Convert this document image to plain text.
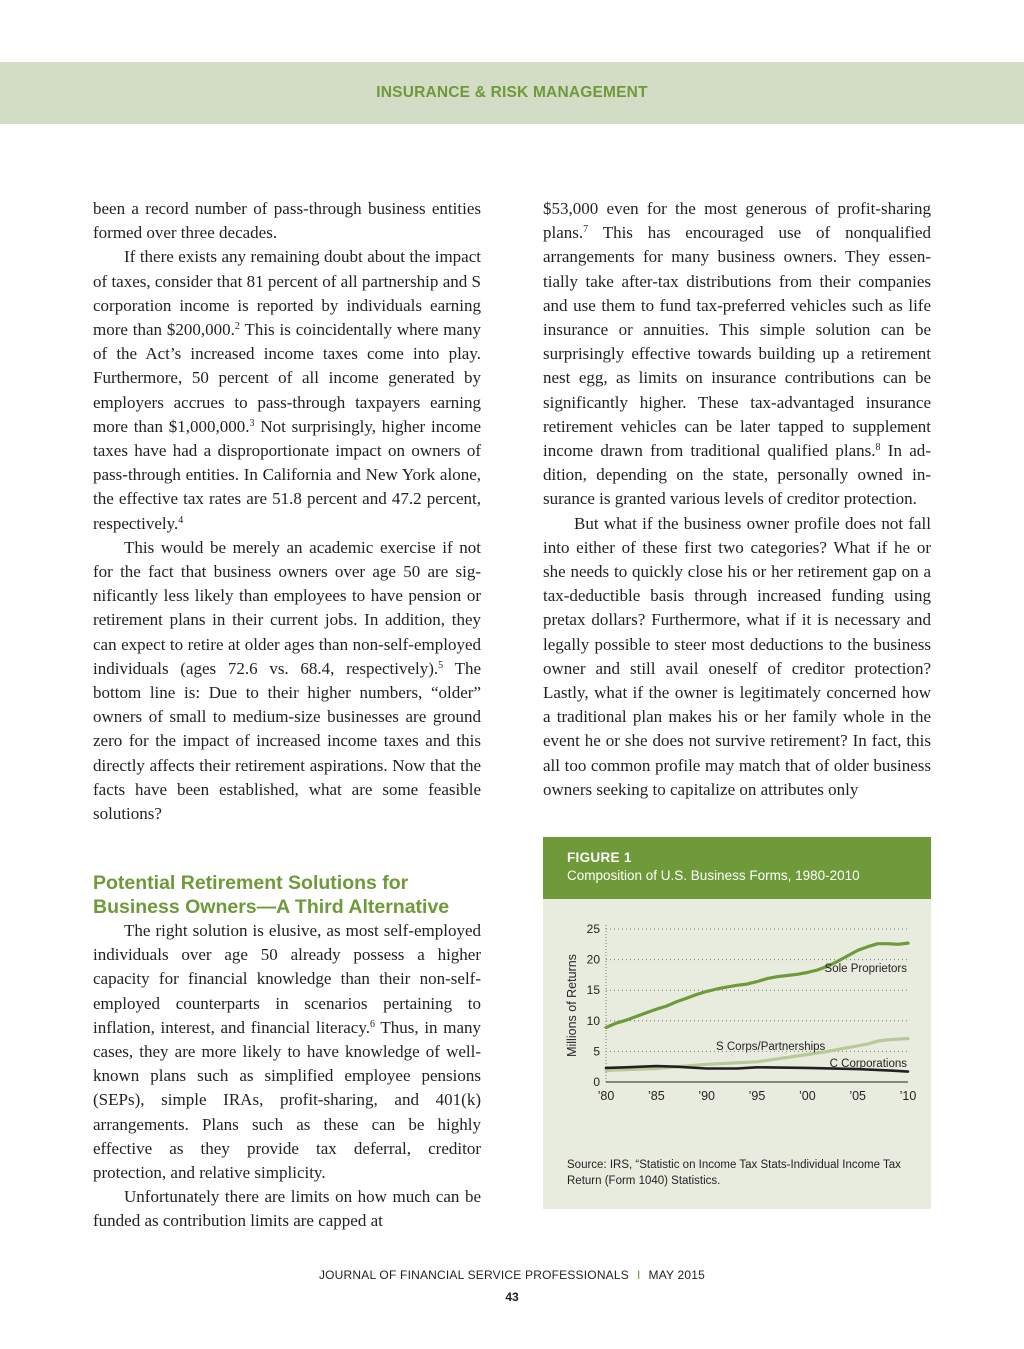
INSURANCE & RISK MANAGEMENT

been a record number of pass-through business entities formed over three decades.

If there exists any remaining doubt about the impact of taxes, consider that 81 percent of all partnership and S corporation income is reported by individuals earning more than $200,000.$^2$ This is coincidentally where many of the Act’s increased income taxes come into play. Furthermore, 50 percent of all income generated by employers accrues to pass-through taxpayers earning more than $1,000,000.$^3$ Not surprisingly, higher income taxes have had a disproportionate impact on owners of pass-through entities. In California and New York alone, the effective tax rates are 51.8 percent and 47.2 percent, respectively.$^4$

This would be merely an academic exercise if not for the fact that business owners over age 50 are significantly less likely than employees to have pension or retirement plans in their current jobs. In addition, they can expect to retire at older ages than non-self-employed individuals (ages 72.6 vs. 68.4, respectively).$^5$ The bottom line is: Due to their higher numbers, “older” owners of small to medium-size businesses are ground zero for the impact of increased income taxes and this directly affects their retirement aspirations. Now that the facts have been established, what are some feasible solutions?

Potential Retirement Solutions for Business Owners—A Third Alternative

The right solution is elusive, as most self-employed individuals over age 50 already possess a higher capacity for financial knowledge than their non-self-employed counterparts in scenarios pertaining to inflation, interest, and financial literacy.$^6$ Thus, in many cases, they are more likely to have knowledge of well-known plans such as simplified employee pensions (SEPs), simple IRAs, profit-sharing, and 401(k) arrangements. Plans such as these can be highly effective as they provide tax deferral, creditor protection, and relative simplicity.

Unfortunately there are limits on how much can be funded as contribution limits are capped at

$53,000 even for the most generous of profit-sharing plans.$^7$ This has encouraged use of nonqualified arrangements for many business owners. They essentially take after-tax distributions from their companies and use them to fund tax-preferred vehicles such as life insurance or annuities. This simple solution can be surprisingly effective towards building up a retirement nest egg, as limits on insurance contributions can be significantly higher. These tax-advantaged insurance retirement vehicles can be later tapped to supplement income drawn from traditional qualified plans.$^8$ In addition, depending on the state, personally owned insurance is granted various levels of creditor protection.

But what if the business owner profile does not fall into either of these first two categories? What if he or she needs to quickly close his or her retirement gap on a tax-deductible basis through increased funding using pretax dollars? Furthermore, what if it is necessary and legally possible to steer most deductions to the business owner and still avail oneself of creditor protection? Lastly, what if the owner is legitimately concerned how a traditional plan makes his or her family whole in the event he or she does not survive retirement? In fact, this all too common profile may match that of older business owners seeking to capitalize on attributes only

FIGURE 1
Composition of U.S. Business Forms, 1980-2010
0
5
10
15
20
25
’80	’85	’90	’95	’00	’05	’10
Millions of Returns	Sole Proprietors
S Corps/Partnerships
C Corporations
Source: IRS, “Statistic on Income Tax Stats-Individual Income Tax Return (Form 1040) Statistics.
JOURNAL OF FINANCIAL SERVICE PROFESSIONALS I MAY 2015
43
